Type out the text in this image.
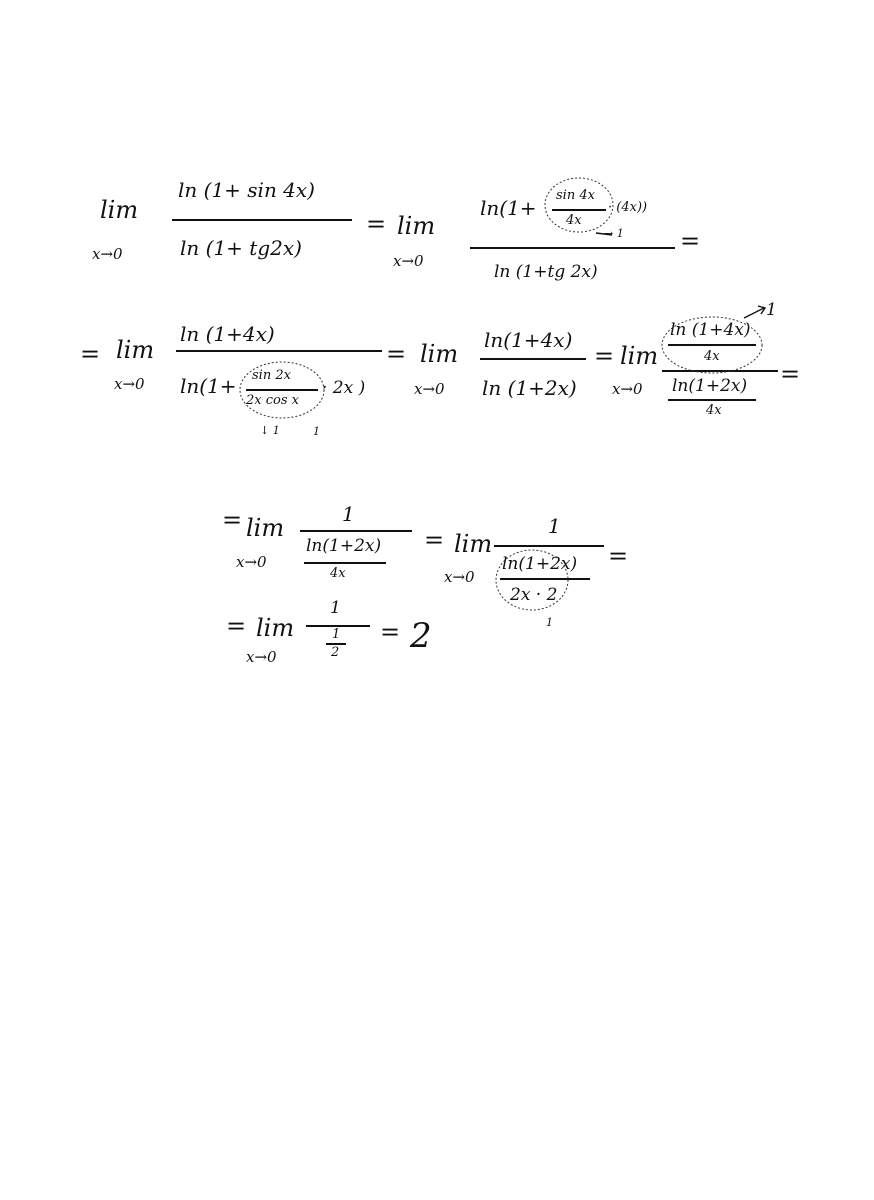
lim
x→0
ln (1+ sin 4x)
ln (1+ tg2x)
= lim
x→0
ln(1+
sin 4x
4x
· (4x))
→ 1
ln (1+tg 2x)
=
= lim
x→0
ln (1+4x)
ln(1+ sin 2x
2x cos x
· 2x )
↓ 1	1
= lim
x→0
ln(1+4x)
ln (1+2x)
= lim
x→0
ln (1+4x)
4x
ln(1+2x)
4x
1
=
= lim
x→0
1
ln(1+2x)
4x
= lim
x→0
1
ln(1+2x)
2x · 2
1
=
= lim
x→0
1
1
2
= 2
